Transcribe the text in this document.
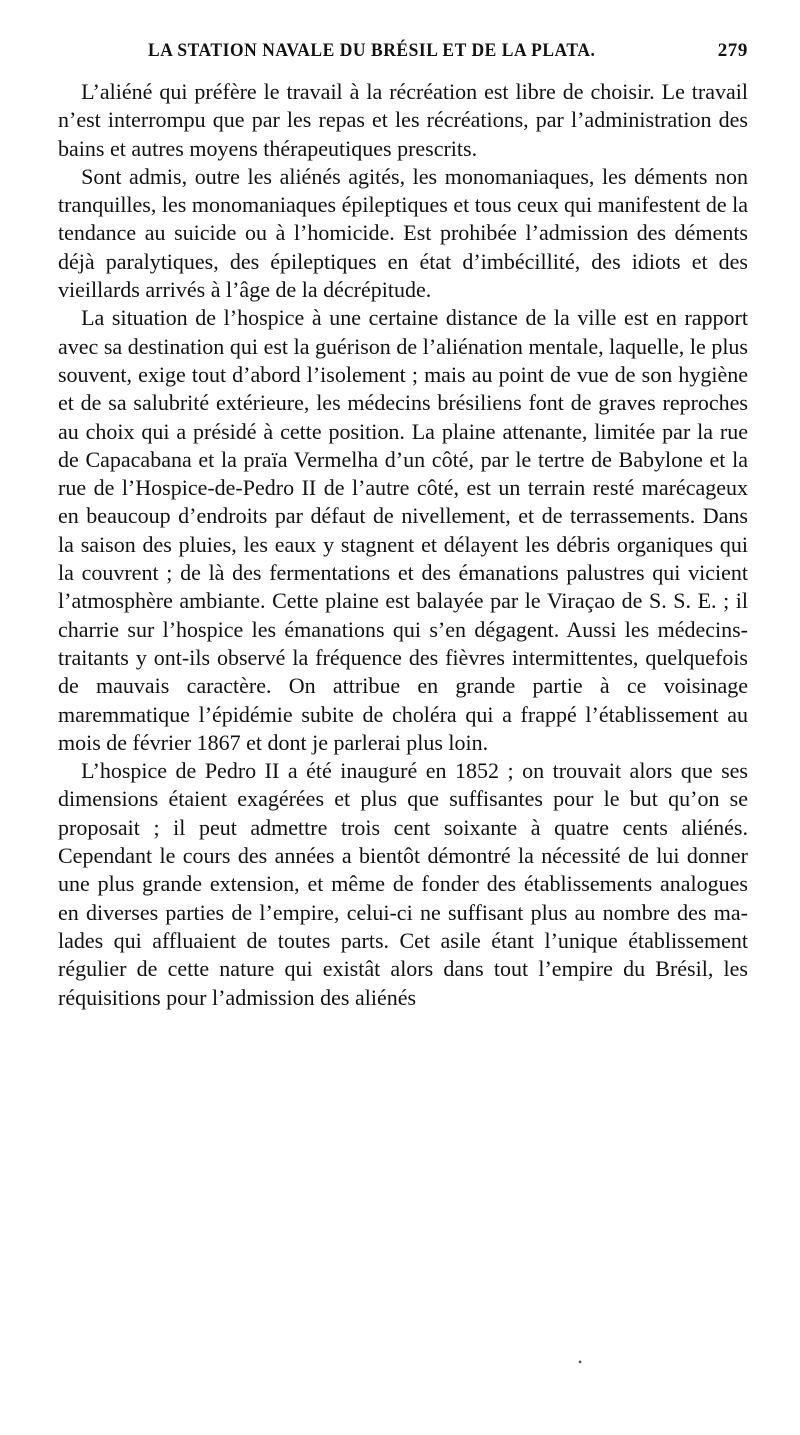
LA STATION NAVALE DU BRÉSIL ET DE LA PLATA.	279

L’aliéné qui préfère le travail à la récréation est libre de choisir. Le travail n’est interrompu que par les repas et les récréations, par l’administration des bains et autres moyens thérapeutiques prescrits.

Sont admis, outre les aliénés agités, les monomaniaques, les déments non tranquilles, les monomaniaques épileptiques et tous ceux qui manifestent de la tendance au suicide ou à l’homicide. Est prohibée l’admission des déments déjà paralytiques, des épileptiques en état d’imbécillité, des idiots et des vieillards arrivés à l’âge de la décrépitude.

La situation de l’hospice à une certaine distance de la ville est en rapport avec sa destination qui est la guérison de l’aliénation mentale, laquelle, le plus souvent, exige tout d’abord l’isolement ; mais au point de vue de son hygiène et de sa salubrité extérieure, les médecins brésiliens font de graves reproches au choix qui a présidé à cette position. La plaine attenante, limitée par la rue de Capacabana et la praïa Vermelha d’un côté, par le tertre de Babylone et la rue de l’Hospice-de-Pedro II de l’autre côté, est un terrain resté marécageux en beaucoup d’endroits par défaut de nivellement, et de terrassements. Dans la saison des pluies, les eaux y stagnent et délayent les débris organiques qui la couvrent ; de là des fermentations et des émanations palustres qui vicient l’atmosphère ambiante. Cette plaine est balayée par le Viraçao de S. S. E. ; il charrie sur l’hospice les émanations qui s’en dégagent. Aussi les médecins-traitants y ont-ils observé la fréquence des fièvres intermittentes, quelquefois de mauvais caractère. On attribue en grande partie à ce voisinage maremmatique l’épidémie subite de choléra qui a frappé l’établissement au mois de février 1867 et dont je parlerai plus loin.

L’hospice de Pedro II a été inauguré en 1852 ; on trouvait alors que ses dimensions étaient exagérées et plus que suffisantes pour le but qu’on se proposait ; il peut admettre trois cent soixante à quatre cents aliénés. Cependant le cours des années a bientôt démontré la nécessité de lui donner une plus grande extension, et même de fonder des établissements analogues en diverses parties de l’empire, celui-ci ne suffisant plus au nombre des malades qui affluaient de toutes parts. Cet asile étant l’unique établissement régulier de cette nature qui existât alors dans tout l’empire du Brésil, les réquisitions pour l’admission des aliénés

•
